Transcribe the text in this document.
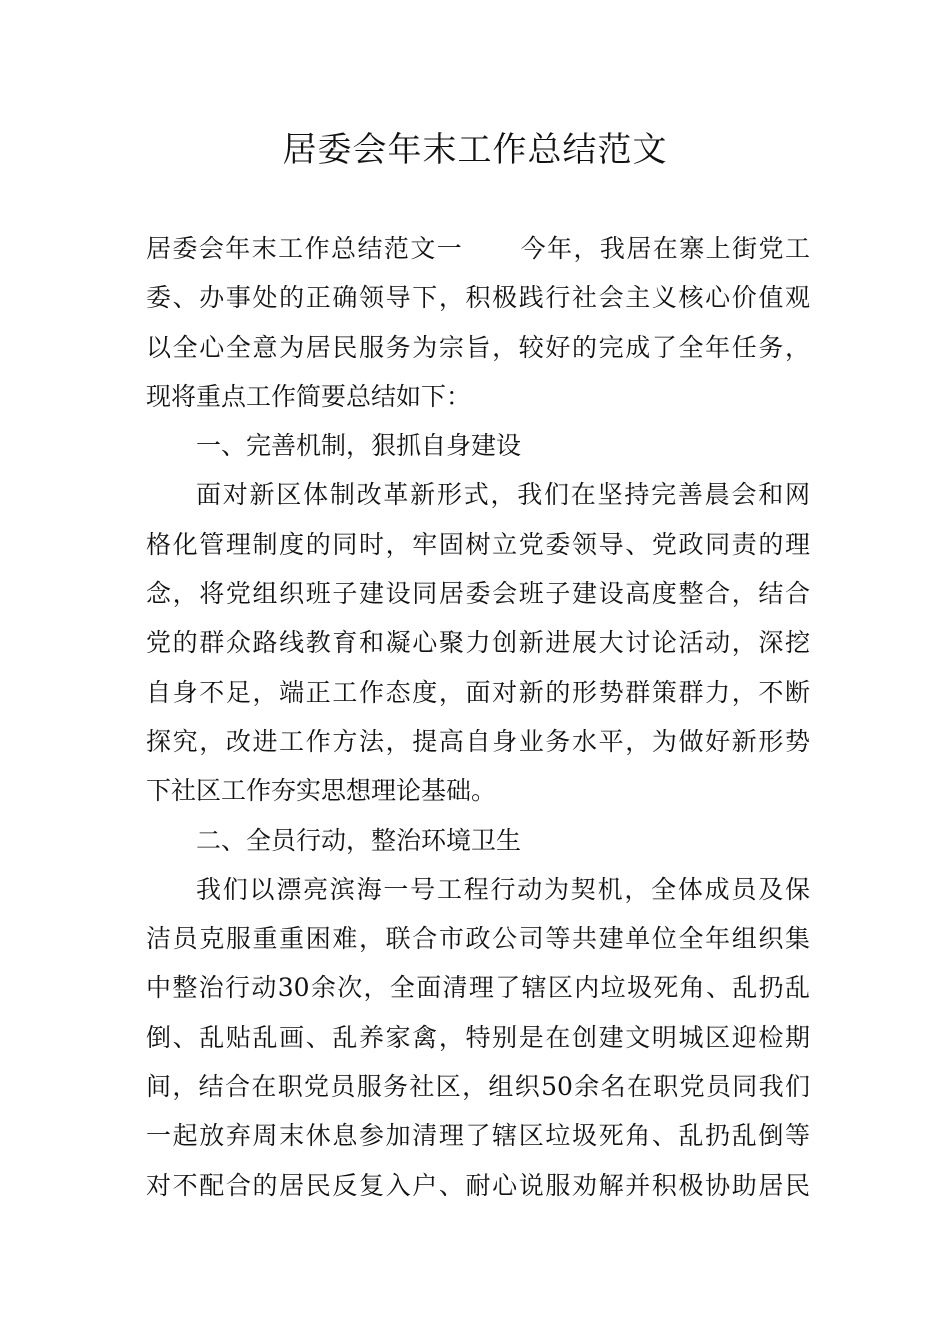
居委会年末工作总结范文
居委会年末工作总结范文一 今年，我居在寨上街党工
委、办事处的正确领导下，积极践行社会主义核心价值观
以全心全意为居民服务为宗旨，较好的完成了全年任务，
现将重点工作简要总结如下：
一、完善机制，狠抓自身建设
面对新区体制改革新形式，我们在坚持完善晨会和网
格化管理制度的同时，牢固树立党委领导、党政同责的理
念，将党组织班子建设同居委会班子建设高度整合，结合
党的群众路线教育和凝心聚力创新进展大讨论活动，深挖
自身不足，端正工作态度，面对新的形势群策群力，不断
探究，改进工作方法，提高自身业务水平，为做好新形势
下社区工作夯实思想理论基础。
二、全员行动，整治环境卫生
我们以漂亮滨海一号工程行动为契机，全体成员及保
洁员克服重重困难，联合市政公司等共建单位全年组织集
中整治行动30余次，全面清理了辖区内垃圾死角、乱扔乱
倒、乱贴乱画、乱养家禽，特别是在创建文明城区迎检期
间，结合在职党员服务社区，组织50余名在职党员同我们
一起放弃周末休息参加清理了辖区垃圾死角、乱扔乱倒等
对不配合的居民反复入户、耐心说服劝解并积极协助居民
